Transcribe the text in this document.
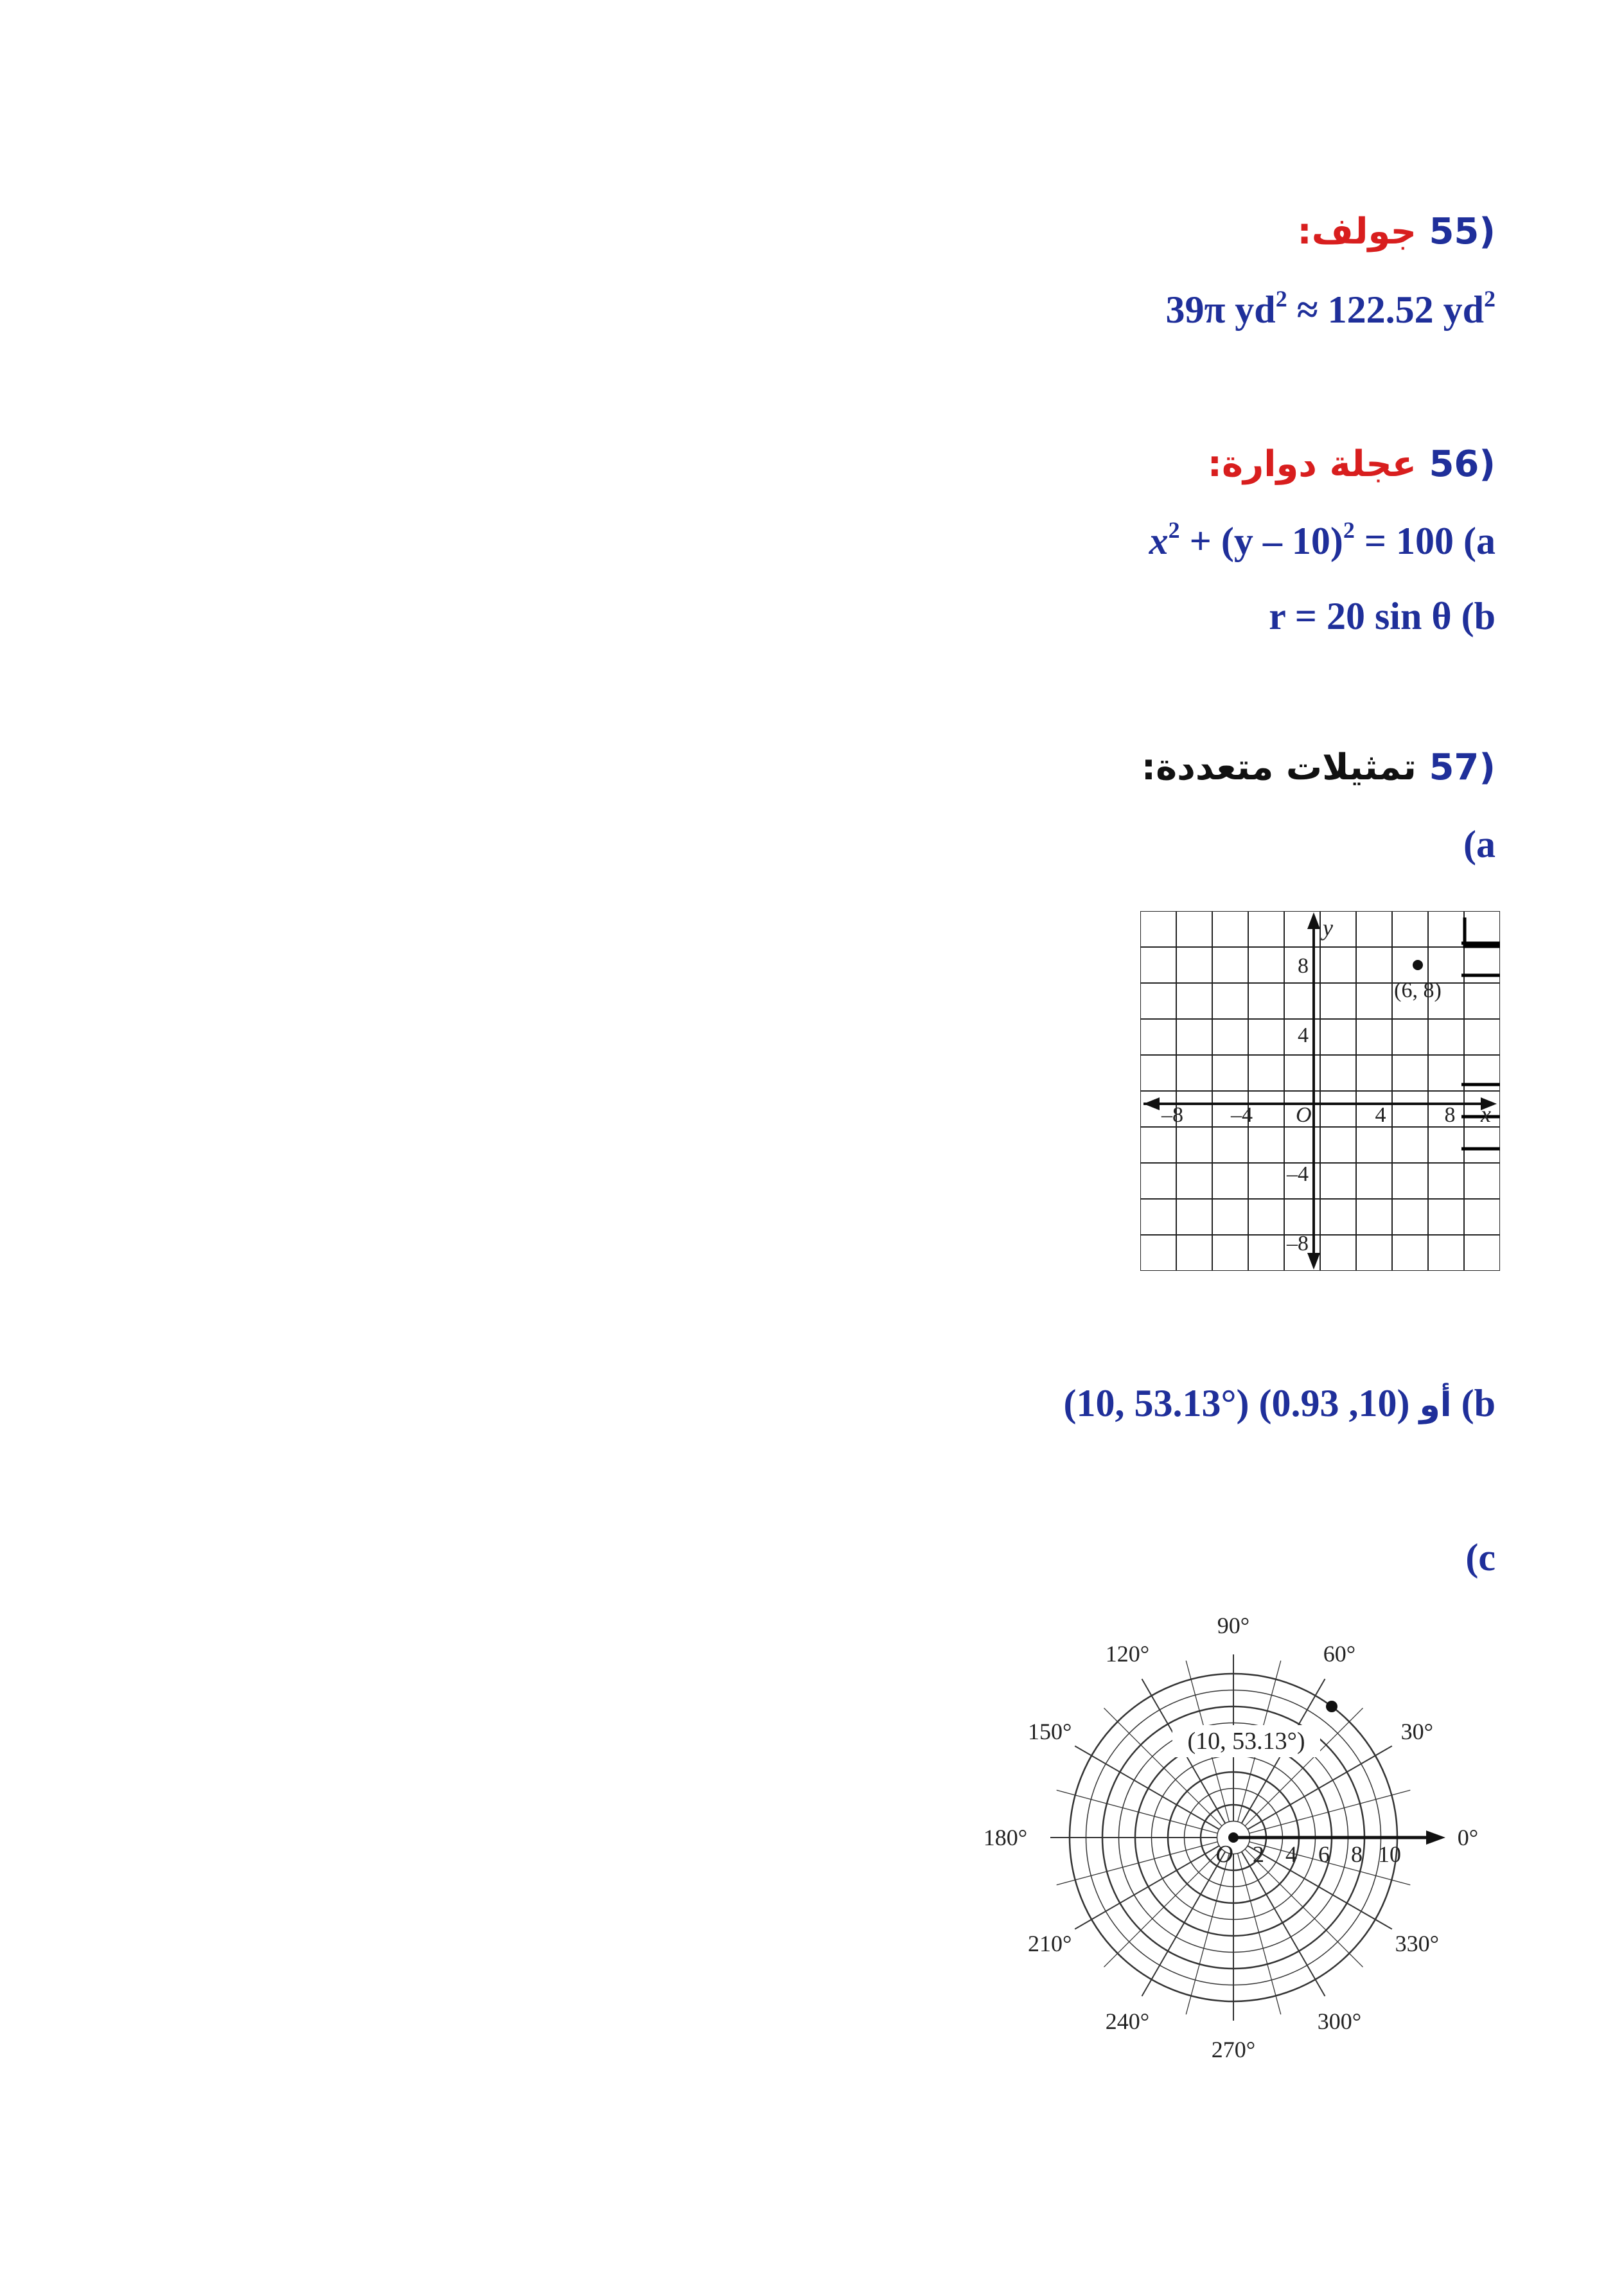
(55 جولف:
39π $yd^2 \approx 122.52$ $yd^2$
(56 عجلة دوارة:
$x^2 + (y - 10)^2 = 100$ (a
r = 20 sin θ (b
(57 تمثيلات متعددة:
(a
–8 –4 O	4	8
8
4
–4
–8
x
y
(6, 8)
(10, 53.13°)	أو (10, 0.93) (b
(c
O 2 4 6 8 10
0°
30°
60°
90°
120°
150°
180°
210°
240°
270°
300°
330°
(10, 53.13°)
